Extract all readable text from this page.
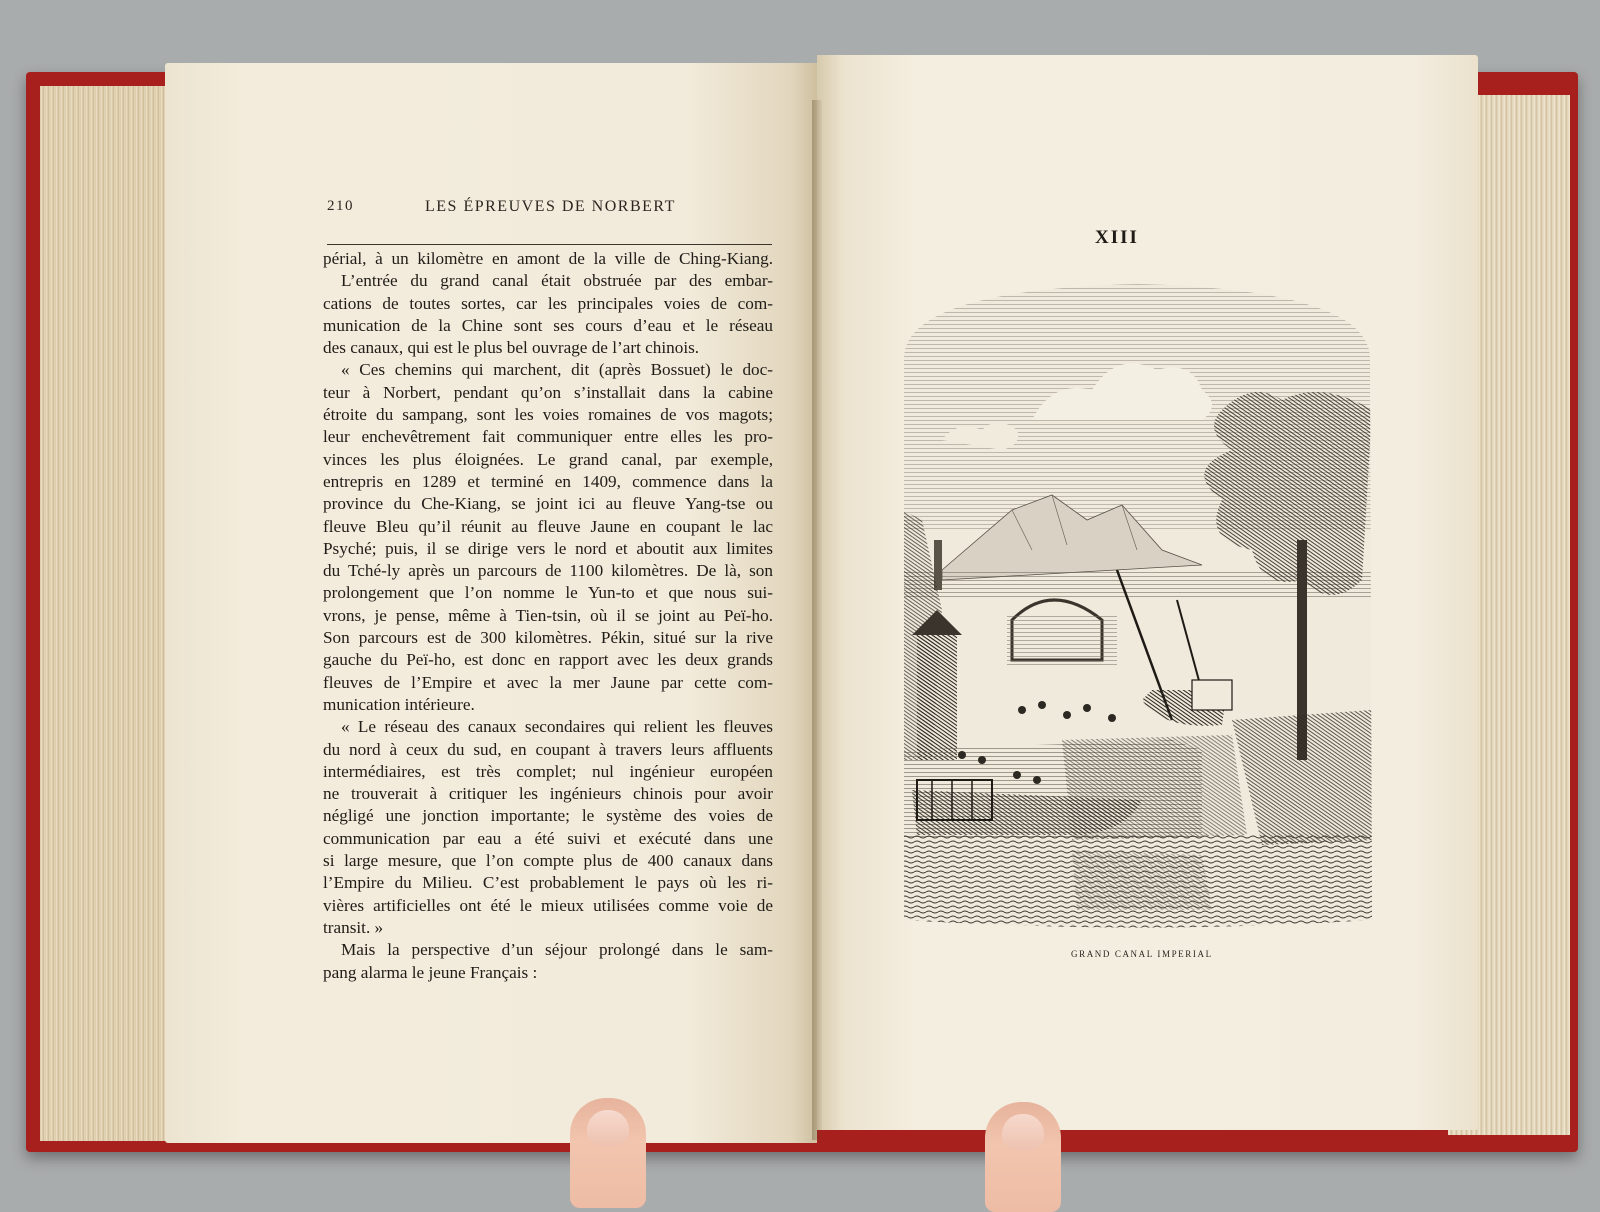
210	LES ÉPREUVES DE NORBERT
périal, à un kilomètre en amont de la ville de Ching-Kiang.
L’entrée du grand canal était obstruée par des embar-
cations de toutes sortes, car les principales voies de com-
munication de la Chine sont ses cours d’eau et le réseau
des canaux, qui est le plus bel ouvrage de l’art chinois.
« Ces chemins qui marchent, dit (après Bossuet) le doc-
teur à Norbert, pendant qu’on s’installait dans la cabine
étroite du sampang, sont les voies romaines de vos magots;
leur enchevêtrement fait communiquer entre elles les pro-
vinces les plus éloignées. Le grand canal, par exemple,
entrepris en 1289 et terminé en 1409, commence dans la
province du Che-Kiang, se joint ici au fleuve Yang-tse ou
fleuve Bleu qu’il réunit au fleuve Jaune en coupant le lac
Psyché; puis, il se dirige vers le nord et aboutit aux limites
du Tché-ly après un parcours de 1100 kilomètres. De là, son
prolongement que l’on nomme le Yun-to et que nous sui-
vrons, je pense, même à Tien-tsin, où il se joint au Peï-ho.
Son parcours est de 300 kilomètres. Pékin, situé sur la rive
gauche du Peï-ho, est donc en rapport avec les deux grands
fleuves de l’Empire et avec la mer Jaune par cette com-
munication intérieure.
« Le réseau des canaux secondaires qui relient les fleuves
du nord à ceux du sud, en coupant à travers leurs affluents
intermédiaires, est très complet; nul ingénieur européen
ne trouverait à critiquer les ingénieurs chinois pour avoir
négligé une jonction importante; le système des voies de
communication par eau a été suivi et exécuté dans une
si large mesure, que l’on compte plus de 400 canaux dans
l’Empire du Milieu. C’est probablement le pays où les ri-
vières artificielles ont été le mieux utilisées comme voie de
transit. »
Mais la perspective d’un séjour prolongé dans le sam-
pang alarma le jeune Français :
XIII
GRAND CANAL IMPERIAL
